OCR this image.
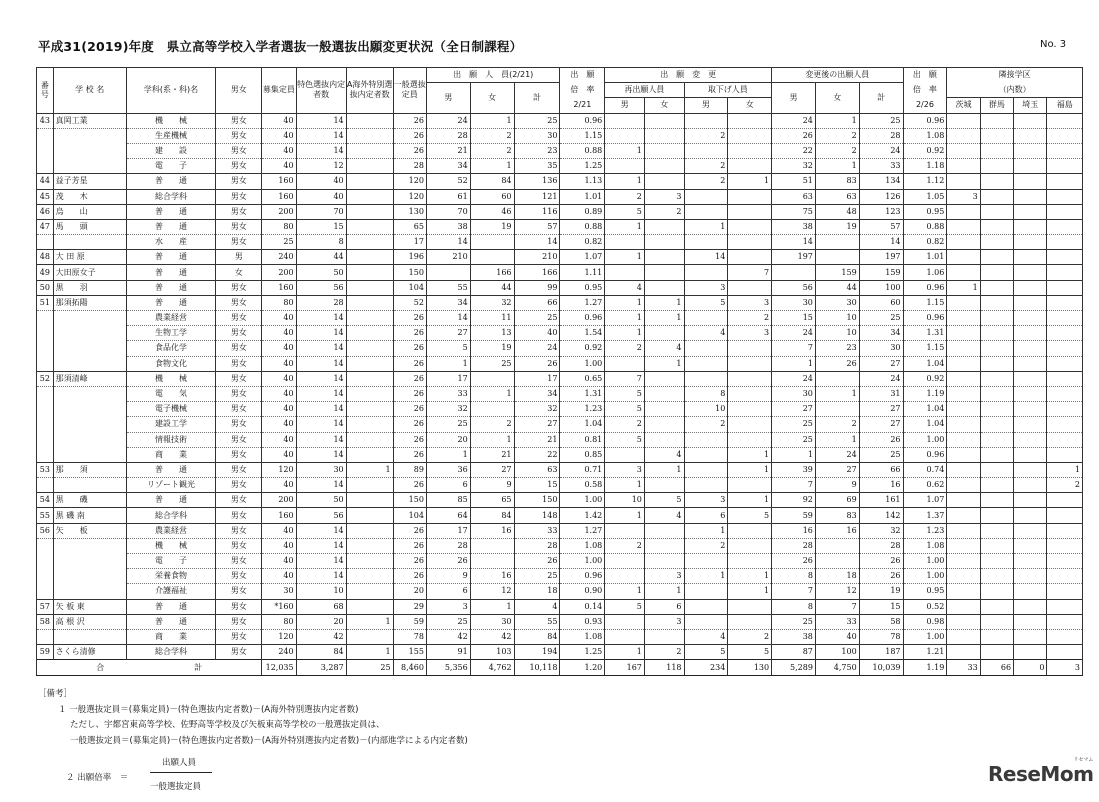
平成31(2019)年度　県立高等学校入学者選抜一般選抜出願変更状況（全日制課程）	No. 3
番号	学 校 名	学科(系・科)名	男女	募集定員	特色選抜内定者数	A海外特別選抜内定者数	一般選抜定員	出　願　人　員(2/21)			出　願	出　願　変　更				変更後の出願人員			出　願	隣接学区			
								男	女	計	倍　率	再出願人員		取下げ人員		男	女	計	倍　率	（内数）			
											2/21	男	女	男	女				2/26	茨城	群馬	埼玉	福島
43	真岡工業	機　　械	男女	40	14		26	24	1	25	0.96					24	1	25	0.96				
		生産機械	男女	40	14		26	28	2	30	1.15			2		26	2	28	1.08				
		建　　設	男女	40	14		26	21	2	23	0.88	1				22	2	24	0.92				
		電　　子	男女	40	12		28	34	1	35	1.25			2		32	1	33	1.18				
44	益子芳星	普　　通	男女	160	40		120	52	84	136	1.13	1		2	1	51	83	134	1.12				
45	茂　　木	総合学科	男女	160	40		120	61	60	121	1.01	2	3			63	63	126	1.05	3			
46	烏　　山	普　　通	男女	200	70		130	70	46	116	0.89	5	2			75	48	123	0.95				
47	馬　　頭	普　　通	男女	80	15		65	38	19	57	0.88	1		1		38	19	57	0.88				
		水　　産	男女	25	8		17	14		14	0.82					14		14	0.82				
48	大 田 原	普　　通	男	240	44		196	210		210	1.07	1		14		197		197	1.01				
49	大田原女子	普　　通	女	200	50		150		166	166	1.11				7		159	159	1.06				
50	黒　　羽	普　　通	男女	160	56		104	55	44	99	0.95	4		3		56	44	100	0.96	1			
51	那須拓陽	普　　通	男女	80	28		52	34	32	66	1.27	1	1	5	3	30	30	60	1.15				
		農業経営	男女	40	14		26	14	11	25	0.96	1	1		2	15	10	25	0.96				
		生物工学	男女	40	14		26	27	13	40	1.54	1		4	3	24	10	34	1.31				
		食品化学	男女	40	14		26	5	19	24	0.92	2	4			7	23	30	1.15				
		食物文化	男女	40	14		26	1	25	26	1.00		1			1	26	27	1.04				
52	那須清峰	機　　械	男女	40	14		26	17		17	0.65	7				24		24	0.92				
		電　　気	男女	40	14		26	33	1	34	1.31	5		8		30	1	31	1.19				
		電子機械	男女	40	14		26	32		32	1.23	5		10		27		27	1.04				
		建設工学	男女	40	14		26	25	2	27	1.04	2		2		25	2	27	1.04				
		情報技術	男女	40	14		26	20	1	21	0.81	5				25	1	26	1.00				
		商　　業	男女	40	14		26	1	21	22	0.85		4		1	1	24	25	0.96				
53	那　　須	普　　通	男女	120	30	1	89	36	27	63	0.71	3	1		1	39	27	66	0.74				1
		リゾート観光	男女	40	14		26	6	9	15	0.58	1				7	9	16	0.62				2
54	黒　　磯	普　　通	男女	200	50		150	85	65	150	1.00	10	5	3	1	92	69	161	1.07				
55	黒 磯 南	総合学科	男女	160	56		104	64	84	148	1.42	1	4	6	5	59	83	142	1.37				
56	矢　　板	農業経営	男女	40	14		26	17	16	33	1.27			1		16	16	32	1.23				
		機　　械	男女	40	14		26	28		28	1.08	2		2		28		28	1.08				
		電　　子	男女	40	14		26	26		26	1.00					26		26	1.00				
		栄養食物	男女	40	14		26	9	16	25	0.96		3	1	1	8	18	26	1.00				
		介護福祉	男女	30	10		20	6	12	18	0.90	1	1		1	7	12	19	0.95				
57	矢 板 東	普　　通	男女	*160	68		29	3	1	4	0.14	5	6			8	7	15	0.52				
58	高 根 沢	普　　通	男女	80	20	1	59	25	30	55	0.93		3			25	33	58	0.98				
		商　　業	男女	120	42		78	42	42	84	1.08			4	2	38	40	78	1.00				
59	さくら清修	総合学科	男女	240	84	1	155	91	103	194	1.25	1	2	5	5	87	100	187	1.21				
合 計				12,035	3,287	25	8,460	5,356	4,762	10,118	1.20	167	118	234	130	5,289	4,750	10,039	1.19	33	66	0	3
［備考］
１ 一般選抜定員＝(募集定員)－(特色選抜内定者数)－(A海外特別選抜内定者数)
ただし、宇都宮東高等学校、佐野高等学校及び矢板東高等学校の一般選抜定員は、
一般選抜定員＝(募集定員)－(特色選抜内定者数)－(A海外特別選抜内定者数)－(内部進学による内定者数)
２ 出願倍率　＝
出願人員
一般選抜定員
ReseMom
リセマム
